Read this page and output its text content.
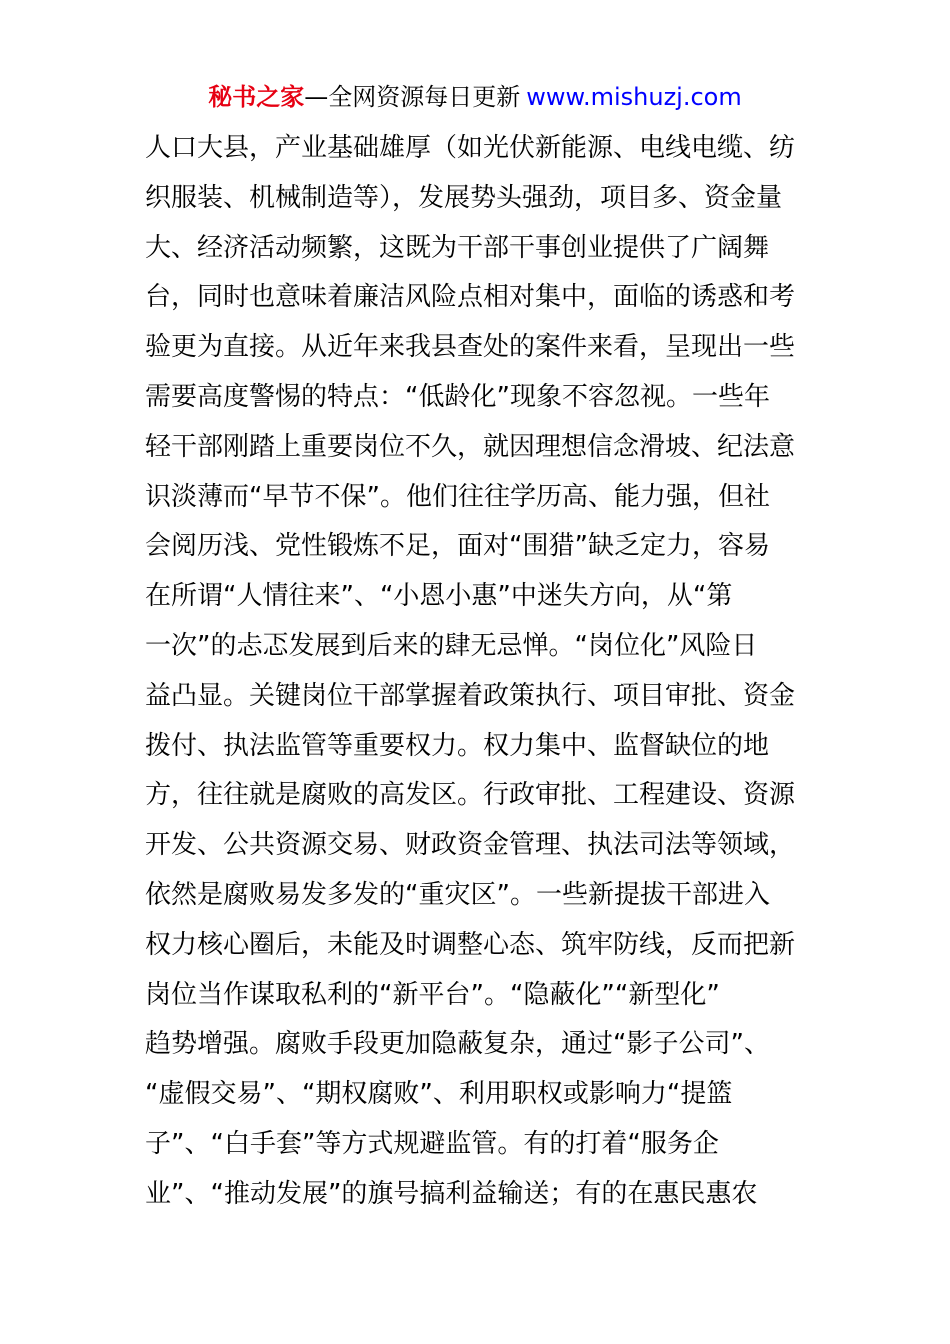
秘书之家—全网资源每日更新 www.mishuzj.com
人口大县，产业基础雄厚（如光伏新能源、电线电缆、纺
织服装、机械制造等），发展势头强劲，项目多、资金量
大、经济活动频繁，这既为干部干事创业提供了广阔舞
台，同时也意味着廉洁风险点相对集中，面临的诱惑和考
验更为直接。从近年来我县查处的案件来看，呈现出一些
需要高度警惕的特点：“低龄化”现象不容忽视。一些年
轻干部刚踏上重要岗位不久，就因理想信念滑坡、纪法意
识淡薄而“早节不保”。他们往往学历高、能力强，但社
会阅历浅、党性锻炼不足，面对“围猎”缺乏定力，容易
在所谓“人情往来”、“小恩小惠”中迷失方向，从“第
一次”的忐忑发展到后来的肆无忌惮。“岗位化”风险日
益凸显。关键岗位干部掌握着政策执行、项目审批、资金
拨付、执法监管等重要权力。权力集中、监督缺位的地
方，往往就是腐败的高发区。行政审批、工程建设、资源
开发、公共资源交易、财政资金管理、执法司法等领域，
依然是腐败易发多发的“重灾区”。一些新提拔干部进入
权力核心圈后，未能及时调整心态、筑牢防线，反而把新
岗位当作谋取私利的“新平台”。“隐蔽化”“新型化”
趋势增强。腐败手段更加隐蔽复杂，通过“影子公司”、
“虚假交易”、“期权腐败”、利用职权或影响力“提篮
子”、“白手套”等方式规避监管。有的打着“服务企
业”、“推动发展”的旗号搞利益输送；有的在惠民惠农
